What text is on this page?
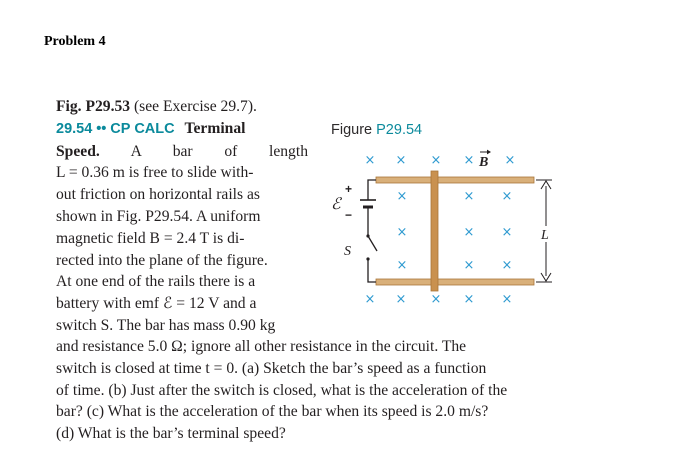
Problem 4
Fig. P29.53 (see Exercise 29.7).
29.54 •• CP CALC Terminal
Speed. A bar of length
L = 0.36 m is free to slide with-
out friction on horizontal rails as
shown in Fig. P29.54. A uniform
magnetic field B = 2.4 T is di-
rected into the plane of the figure.
At one end of the rails there is a
battery with emf ℰ = 12 V and a
switch S. The bar has mass 0.90 kg
and resistance 5.0 Ω; ignore all other resistance in the circuit. The
switch is closed at time t = 0. (a) Sketch the bar’s speed as a function
of time. (b) Just after the switch is closed, what is the acceleration of the
bar? (c) What is the acceleration of the bar when its speed is 2.0 m/s?
(d) What is the bar’s terminal speed?
Figure P29.54
+
−
ℰ
S
B
L
× × × × ×
×	× ×
×	× ×
×	× ×
× × × × ×
